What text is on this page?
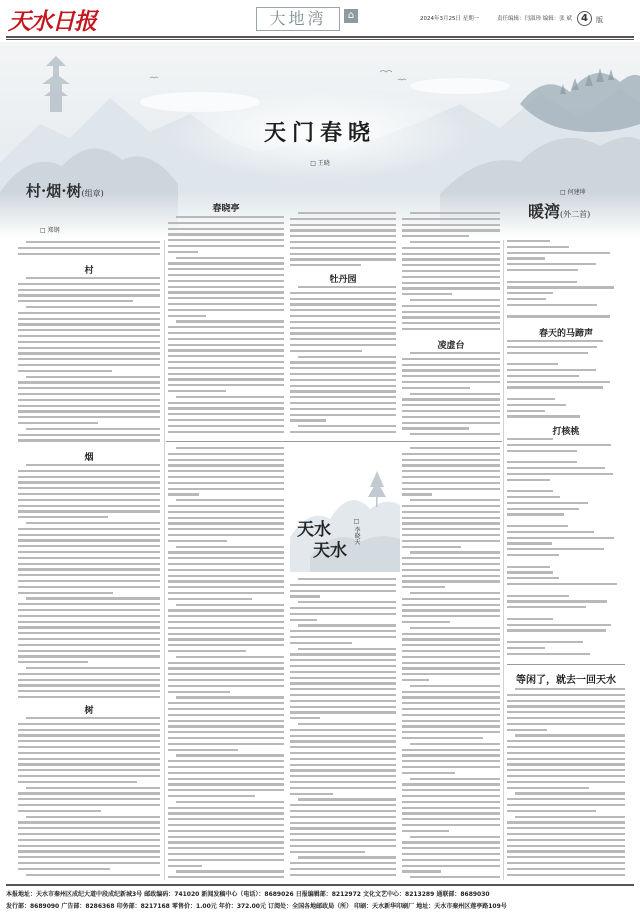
天水日报	大地湾	⌂	2024年3月25日 星期一	责任编辑：闫淑珍 编辑：张 斌 4	版
天门春晓
□ 王晓
村·烟·树(组章)
□ 郑钢
□ 何建坤
暖湾(外二首)
村
烟
树
春晓亭
牡丹园
天水
天水
□ 李晓天
凌虚台
春天的马蹄声
打核桃
等闲了，就去一回天水
本报地址：天水市秦州区成纪大道中段成纪新城3号 邮政编码：741020 新闻发稿中心（电话）：8689026 日报编辑部：8212972 文化文艺中心：8213289 通联部：8689030
发行部：8689090 广告部：8286368 印务部：8217168 零售价：1.00元 年价：372.00元 订阅处：全国各地邮政局（所） 印刷：天水新华印刷厂 地址：天水市秦州区莲亭路109号
